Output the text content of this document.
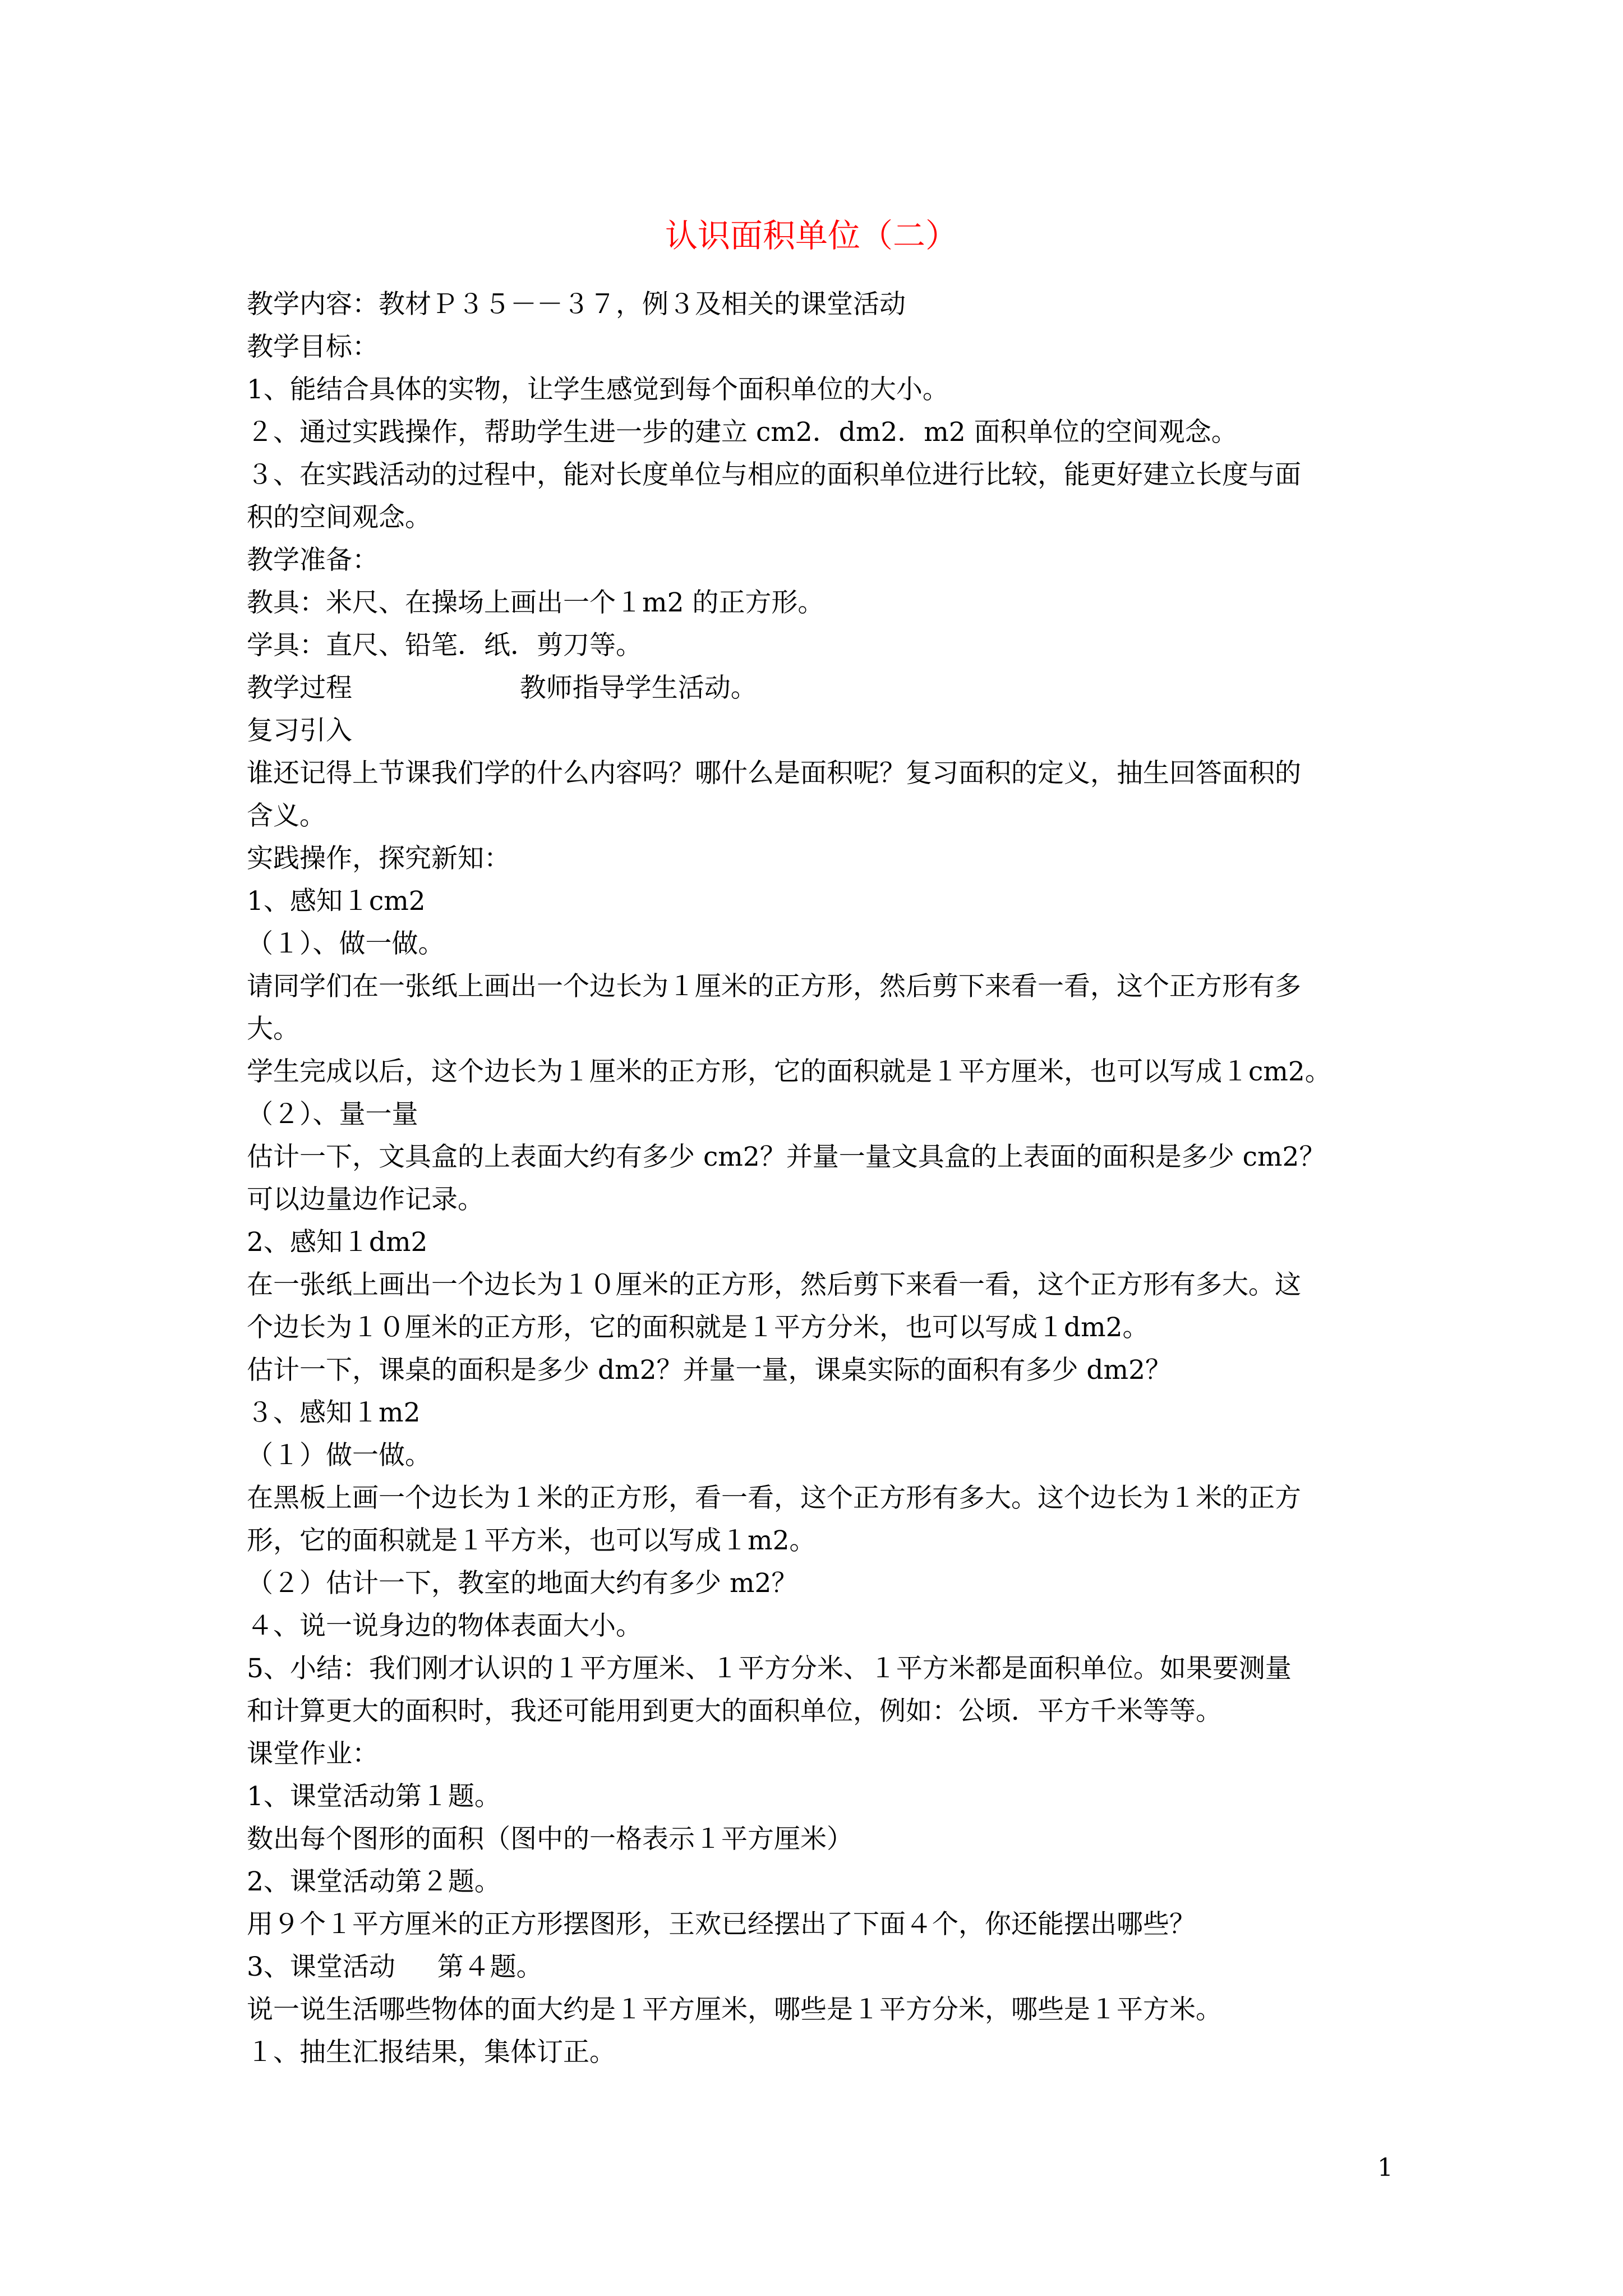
认识面积单位（二）
教学内容：教材Ｐ３５－－３７，例３及相关的课堂活动
教学目标：
1、能结合具体的实物，让学生感觉到每个面积单位的大小。
２、通过实践操作，帮助学生进一步的建立 cm2．dm2．m2 面积单位的空间观念。
３、在实践活动的过程中，能对长度单位与相应的面积单位进行比较，能更好建立长度与面
积的空间观念。
教学准备：
教具：米尺、在操场上画出一个１m2 的正方形。
学具：直尺、铅笔．纸．剪刀等。
教学过程                    教师指导学生活动。
复习引入
谁还记得上节课我们学的什么内容吗？哪什么是面积呢？复习面积的定义，抽生回答面积的
含义。
实践操作，探究新知：
1、感知１cm2
（１）、做一做。
请同学们在一张纸上画出一个边长为１厘米的正方形，然后剪下来看一看，这个正方形有多
大。
学生完成以后，这个边长为１厘米的正方形，它的面积就是１平方厘米，也可以写成１cm2。
（２）、量一量
估计一下，文具盒的上表面大约有多少 cm2？并量一量文具盒的上表面的面积是多少 cm2？
可以边量边作记录。
2、感知１dm2
在一张纸上画出一个边长为１０厘米的正方形，然后剪下来看一看，这个正方形有多大。这
个边长为１０厘米的正方形，它的面积就是１平方分米，也可以写成１dm2。
估计一下，课桌的面积是多少 dm2？并量一量，课桌实际的面积有多少 dm2？
３、感知１m2
（１）做一做。
在黑板上画一个边长为１米的正方形，看一看，这个正方形有多大。这个边长为１米的正方
形，它的面积就是１平方米，也可以写成１m2。
（２）估计一下，教室的地面大约有多少 m2？
４、说一说身边的物体表面大小。
5、小结：我们刚才认识的１平方厘米、１平方分米、１平方米都是面积单位。如果要测量
和计算更大的面积时，我还可能用到更大的面积单位，例如：公顷．平方千米等等。
课堂作业：
1、课堂活动第１题。
数出每个图形的面积（图中的一格表示１平方厘米）
2、课堂活动第２题。
用９个１平方厘米的正方形摆图形，王欢已经摆出了下面４个，你还能摆出哪些？
3、课堂活动     第４题。
说一说生活哪些物体的面大约是１平方厘米，哪些是１平方分米，哪些是１平方米。
１、抽生汇报结果，集体订正。
1
